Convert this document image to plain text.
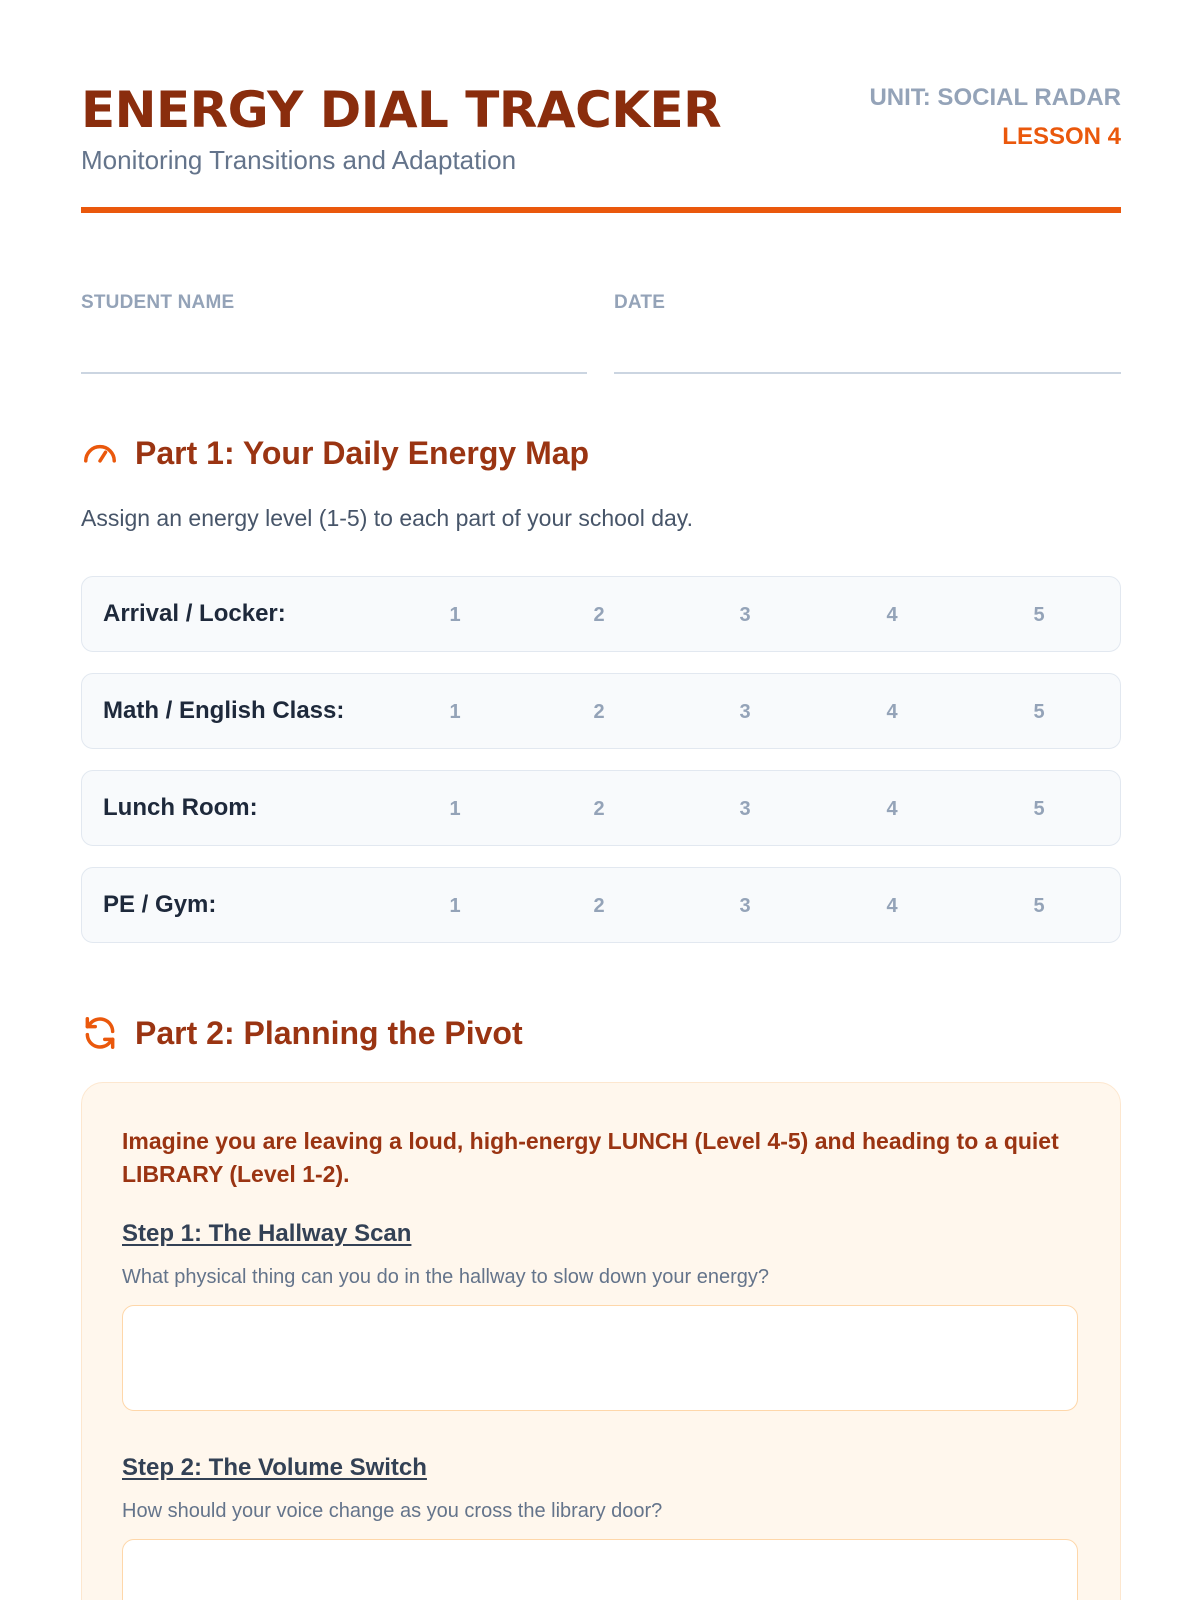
ENERGY DIAL TRACKER
Monitoring Transitions and Adaptation
UNIT: SOCIAL RADAR
LESSON 4
STUDENT NAME	DATE
Part 1: Your Daily Energy Map
Assign an energy level (1-5) to each part of your school day.
Arrival / Locker:	1	2	3	4	5
Math / English Class:	1	2	3	4	5
Lunch Room:	1	2	3	4	5
PE / Gym:	1	2	3	4	5
Part 2: Planning the Pivot
Imagine you are leaving a loud, high-energy LUNCH (Level 4-5) and heading to a quiet LIBRARY (Level 1-2).
Step 1: The Hallway Scan
What physical thing can you do in the hallway to slow down your energy?
Step 2: The Volume Switch
How should your voice change as you cross the library door?
